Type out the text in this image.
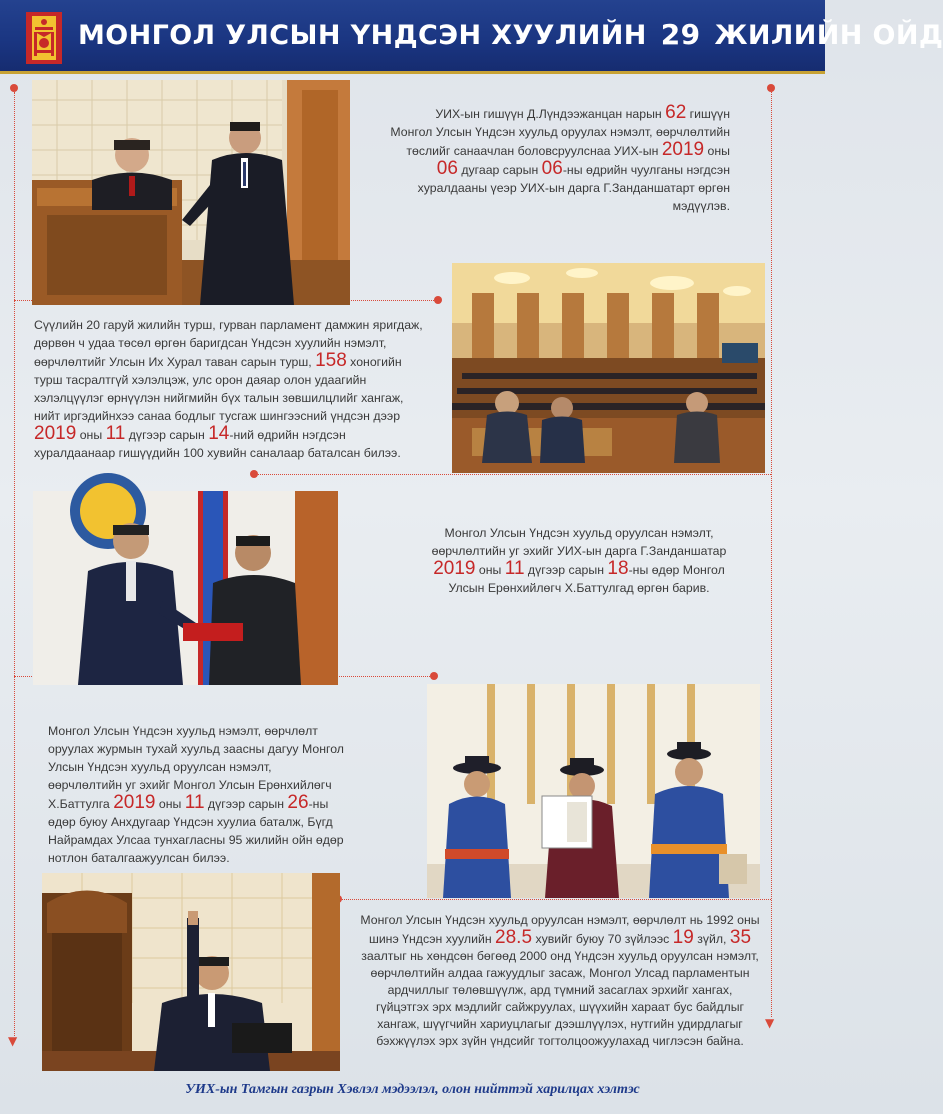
МОНГОЛ УЛСЫН ҮНДСЭН ХУУЛИЙН 29 ЖИЛИЙН ОЙД
▼
▼
УИХ-ын гишүүн Д.Лүндээжанцан нарын 62 гишүүн Монгол Улсын Үндсэн хуульд оруулах нэмэлт, өөрчлөлтийн төслийг санаачлан боловсруулснаа УИХ-ын 2019 оны 06 дугаар сарын 06-ны өдрийн чуулганы нэгдсэн хуралдааны үеэр УИХ-ын дарга Г.Занданшатарт өргөн мэдүүлэв.
Сүүлийн 20 гаруй жилийн турш, гурван парламент дамжин яригдаж, дөрвөн ч удаа төсөл өргөн баригдсан Үндсэн хуулийн нэмэлт, өөрчлөлтийг Улсын Их Хурал таван сарын турш, 158 хоногийн турш тасралтгүй хэлэлцэж, улс орон даяар олон удаагийн хэлэлцүүлэг өрнүүлэн нийгмийн бүх талын зөвшилцлийг хангаж, нийт иргэдийнхээ санаа бодлыг тусгаж шингээсний үндсэн дээр 2019 оны 11 дүгээр сарын 14-ний өдрийн нэгдсэн хуралдаанаар гишүүдийн 100 хувийн саналаар баталсан билээ.
Монгол Улсын Үндсэн хуульд оруулсан нэмэлт, өөрчлөлтийн уг эхийг УИХ-ын дарга Г.Занданшатар 2019 оны 11 дүгээр сарын 18-ны өдөр Монгол Улсын Ерөнхийлөгч Х.Баттулгад өргөн барив.
Монгол Улсын Үндсэн хуульд нэмэлт, өөрчлөлт оруулах журмын тухай хуульд заасны дагуу Монгол Улсын Үндсэн хуульд оруулсан нэмэлт, өөрчлөлтийн уг эхийг Монгол Улсын Ерөнхийлөгч Х.Баттулга 2019 оны 11 дүгээр сарын 26-ны өдөр буюу Анхдугаар Үндсэн хуулиа баталж, Бүгд Найрамдах Улсаа тунхагласны 95 жилийн ойн өдөр нотлон баталгаажуулсан билээ.
Монгол Улсын Үндсэн хуульд оруулсан нэмэлт, өөрчлөлт нь 1992 оны шинэ Үндсэн хуулийн 28.5 хувийг буюу 70 зүйлээс 19 зүйл, 35 заалтыг нь хөндсөн бөгөөд 2000 онд Үндсэн хуульд оруулсан нэмэлт, өөрчлөлтийн алдаа гажуудлыг засаж, Монгол Улсад парламентын ардчиллыг төлөвшүүлж, ард түмний засаглах эрхийг хангах, гүйцэтгэх эрх мэдлийг сайжруулах, шүүхийн хараат бус байдлыг хангаж, шүүгчийн хариуцлагыг дээшлүүлэх, нутгийн удирдлагыг бэхжүүлэх эрх зүйн үндсийг тогтолцоожуулахад чиглэсэн байна.
УИХ-ын Тамгын газрын Хэвлэл мэдээлэл, олон нийттэй харилцах хэлтэс
